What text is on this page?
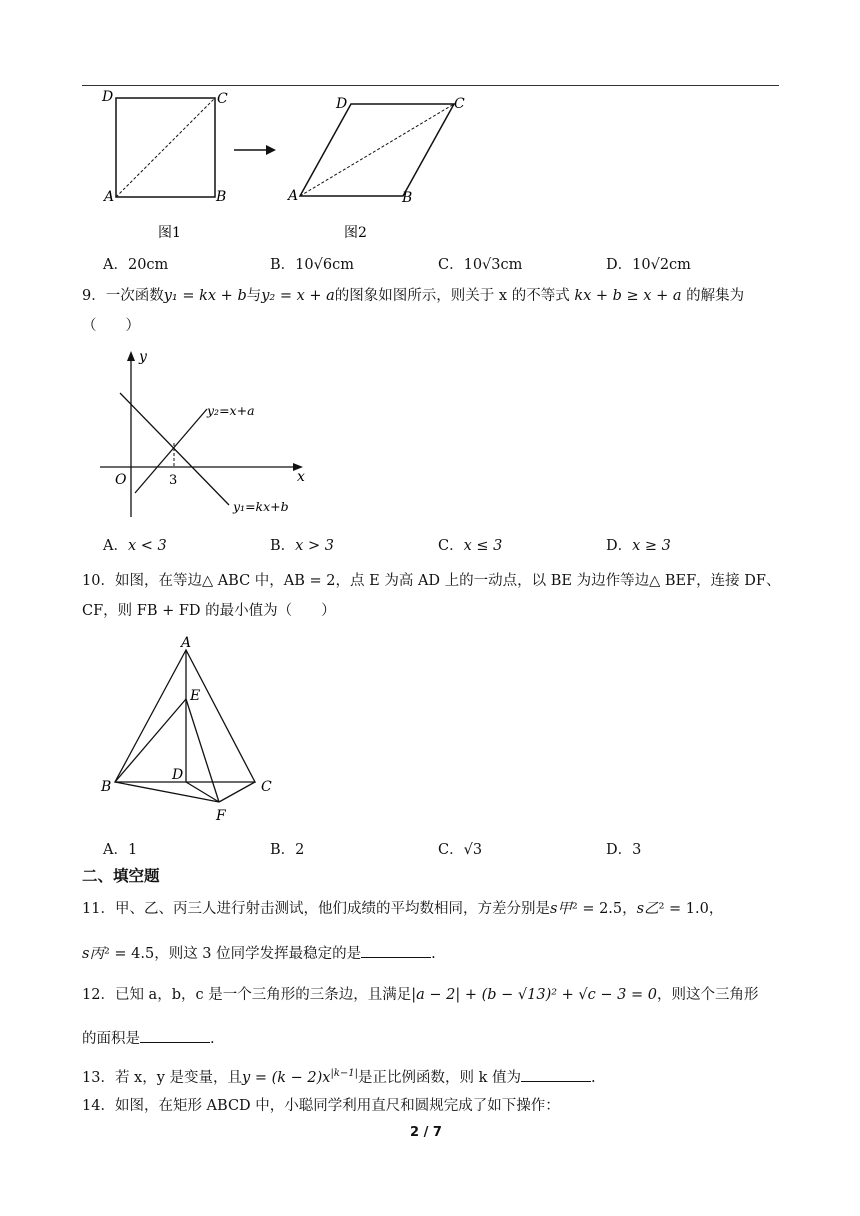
D	C
A	B
D	C
A	B
图1	图2
A．20cm	B．10√6cm	C．10√3cm	D．10√2cm
9．一次函数y₁ = kx + b与y₂ = x + a的图象如图所示，则关于 x 的不等式 kx + b ≥ x + a 的解集为
（　　）
y
x
O	3
y₂=x+a
y₁=kx+b
A．x < 3	B．x > 3	C．x ≤ 3	D．x ≥ 3
10．如图，在等边△ ABC 中，AB = 2，点 E 为高 AD 上的一动点，以 BE 为边作等边△ BEF，连接 DF、
CF，则 FB + FD 的最小值为（　　）
A
E
B
D
C
F
A．1	B．2	C．√3	D．3
二、填空题
11．甲、乙、丙三人进行射击测试，他们成绩的平均数相同，方差分别是s甲² = 2.5，s乙² = 1.0，
s丙² = 4.5，则这 3 位同学发挥最稳定的是	.
12．已知 a，b，c 是一个三角形的三条边，且满足|a − 2| + (b − √13)² + √c − 3 = 0，则这个三角形
的面积是	.
13．若 x，y 是变量，且$y = (k - 2)x^{|k-1|}$是正比例函数，则 k 值为	.
14．如图，在矩形 ABCD 中，小聪同学利用直尺和圆规完成了如下操作：
2 / 7
